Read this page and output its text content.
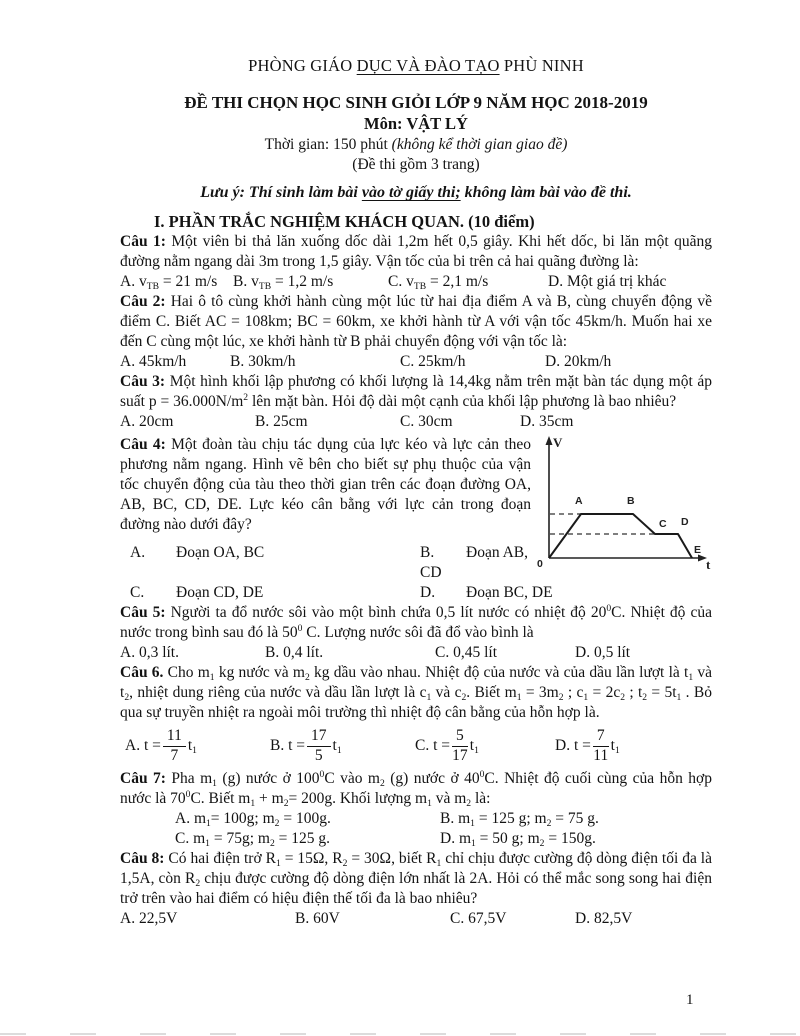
PHÒNG GIÁO DỤC VÀ ĐÀO TẠO PHÙ NINH
ĐỀ THI CHỌN HỌC SINH GIỎI LỚP 9 NĂM HỌC 2018-2019
Môn: VẬT LÝ
Thời gian: 150 phút (không kể thời gian giao đề)
(Đề thi gồm 3 trang)
Lưu ý: Thí sinh làm bài vào tờ giấy thi; không làm bài vào đề thi.
I. PHẦN TRẮC NGHIỆM KHÁCH QUAN. (10 điểm)

Câu 1: Một viên bi thả lăn xuống dốc dài 1,2m hết 0,5 giây. Khi hết dốc, bi lăn một quãng đường nằm ngang dài 3m trong 1,5 giây. Vận tốc của bi trên cả hai quãng đường là:

A. $v_{TB} = 21$ m/s	B. $v_{TB} = 1,2$ m/s	C. $v_{TB} = 2,1$ m/s	D. Một giá trị khác

Câu 2: Hai ô tô cùng khởi hành cùng một lúc từ hai địa điểm A và B, cùng chuyển động về điểm C. Biết AC = 108km; BC = 60km, xe khởi hành từ A với vận tốc 45km/h. Muốn hai xe đến C cùng một lúc, xe khởi hành từ B phải chuyển động với vận tốc là:

A. 45km/h	B. 30km/h	C. 25km/h	D. 20km/h

Câu 3: Một hình khối lập phương có khối lượng là 14,4kg nằm trên mặt bàn tác dụng một áp suất $p = 36.000N/m^2$ lên mặt bàn. Hỏi độ dài một cạnh của khối lập phương là bao nhiêu?

A. 20cm	B. 25cm	C. 30cm	D. 35cm
V
t
0
A	B
C D
E

Câu 4: Một đoàn tàu chịu tác dụng của lực kéo và lực cản theo phương nằm ngang. Hình vẽ bên cho biết sự phụ thuộc của vận tốc chuyển động của tàu theo thời gian trên các đoạn đường OA, AB, BC, CD, DE. Lực kéo cân bằng với lực cản trong đoạn đường nào dưới đây?

A. Đoạn OA, BC	B. Đoạn AB, CD
C. Đoạn CD, DE	D. Đoạn BC, DE

Câu 5: Người ta đổ nước sôi vào một bình chứa 0,5 lít nước có nhiệt độ $20^0C$. Nhiệt độ của nước trong bình sau đó là $50^0$ C. Lượng nước sôi đã đổ vào bình là

A. 0,3 lít.	B. 0,4 lít.	C. 0,45 lít	D. 0,5 lít

Câu 6. Cho $m_1$ kg nước và $m_2$ kg dầu vào nhau. Nhiệt độ của nước và của dầu lần lượt là $t_1$ và $t_2$, nhiệt dung riêng của nước và dầu lần lượt là $c_1$ và $c_2$. Biết $m_1 = 3m_2$ ; $c_1 = 2c_2$ ; $t_2 = 5t_1$ . Bỏ qua sự truyền nhiệt ra ngoài môi trường thì nhiệt độ cân bằng của hỗn hợp là.

A. $t = \frac{11}{7} t_1$	B. $t = \frac{17}{5} t_1$	C. $t = \frac{5}{17} t_1$	D. $t = \frac{7}{11} t_1$

Câu 7: Pha $m_1$ (g) nước ở $100^0C$ vào $m_2$ (g) nước ở $40^0C$. Nhiệt độ cuối cùng của hỗn hợp nước là $70^0C$. Biết $m_1 + m_2= 200g$. Khối lượng $m_1$ và $m_2$ là:

A. $m_1= 100g$; $m_2 = 100g$.	B. $m_1 = 125$ g; $m_2 = 75$ g.
C. $m_1 = 75g$; $m_2 = 125$ g.	D. $m_1 = 50$ g; $m_2 = 150g$.

Câu 8: Có hai điện trở $R_1 = 15\Omega$, $R_2 = 30\Omega$, biết $R_1$ chỉ chịu được cường độ dòng điện tối đa là 1,5A, còn $R_2$ chịu được cường độ dòng điện lớn nhất là 2A. Hỏi có thể mắc song song hai điện trở trên vào hai điểm có hiệu điện thế tối đa là bao nhiêu?

A. 22,5V	B. 60V	C. 67,5V	D. 82,5V
1
